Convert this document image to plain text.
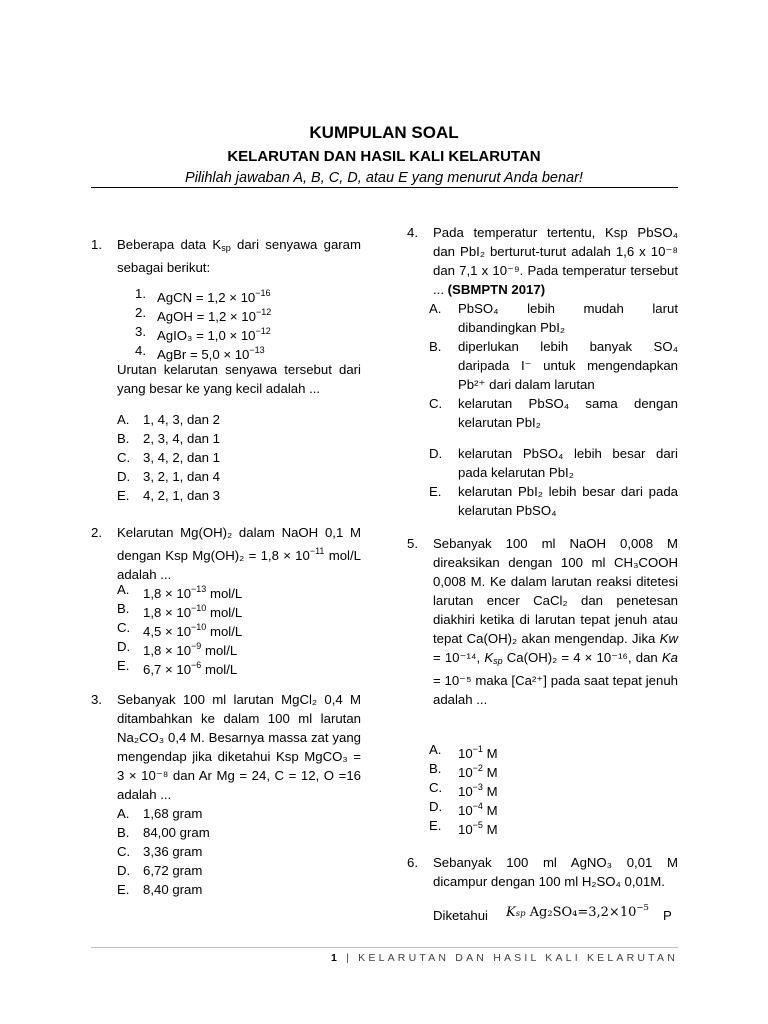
KUMPULAN SOAL
KELARUTAN DAN HASIL KALI KELARUTAN
Pilihlah jawaban A, B, C, D, atau E yang menurut Anda benar!
1. Beberapa data $K_{sp}$ dari senyawa garam sebagai berikut:
1. AgCN = $1,2 \times 10^{-16}$
2. AgOH = $1,2 \times 10^{-12}$
3. AgIO₃ = $1,0 \times 10^{-12}$
4. AgBr = $5,0 \times 10^{-13}$
Urutan kelarutan senyawa tersebut dari yang besar ke yang kecil adalah ...
A. 1, 4, 3, dan 2
B. 2, 3, 4, dan 1
C. 3, 4, 2, dan 1
D. 3, 2, 1, dan 4
E. 4, 2, 1, dan 3
2. Kelarutan Mg(OH)₂ dalam NaOH 0,1 M dengan Ksp $Mg(OH)_2 = 1,8 \times 10^{-11}$ mol/L adalah ...
A. $1,8 \times 10^{-13}$ mol/L
B. $1,8 \times 10^{-10}$ mol/L
C. $4,5 \times 10^{-10}$ mol/L
D. $1,8 \times 10^{-9}$ mol/L
E. $6,7 \times 10^{-6}$ mol/L
3. Sebanyak 100 ml larutan MgCl₂ 0,4 M ditambahkan ke dalam 100 ml larutan Na₂CO₃ 0,4 M. Besarnya massa zat yang mengendap jika diketahui Ksp MgCO₃ = 3 × 10⁻⁸ dan Ar Mg = 24, C = 12, O =16 adalah ...
A. 1,68 gram
B. 84,00 gram
C. 3,36 gram
D. 6,72 gram
E. 8,40 gram
4. Pada temperatur tertentu, Ksp PbSO₄ dan PbI₂ berturut-turut adalah 1,6 x 10⁻⁸ dan 7,1 x 10⁻⁹. Pada temperatur tersebut ... (SBMPTN 2017)
A. PbSO₄ lebih mudah larut dibandingkan PbI₂
B. diperlukan lebih banyak SO₄ daripada I⁻ untuk mengendapkan Pb²⁺ dari dalam larutan
C. kelarutan PbSO₄ sama dengan kelarutan PbI₂
D. kelarutan PbSO₄ lebih besar dari pada kelarutan PbI₂
E. kelarutan PbI₂ lebih besar dari pada kelarutan PbSO₄
5. Sebanyak 100 ml NaOH 0,008 M direaksikan dengan 100 ml CH₃COOH 0,008 M. Ke dalam larutan reaksi ditetesi larutan encer CaCl₂ dan penetesan diakhiri ketika di larutan tepat jenuh atau tepat Ca(OH)₂ akan mengendap. Jika Kw = 10⁻¹⁴, $K_{sp}$ Ca(OH)₂ = 4 × 10⁻¹⁶, dan Ka = 10⁻⁵ maka [Ca²⁺] pada saat tepat jenuh adalah ...
A. $10^{-1}$ M
B. $10^{-2}$ M
C. $10^{-3}$ M
D. $10^{-4}$ M
E. $10^{-5}$ M
6. Sebanyak 100 ml AgNO₃ 0,01 M dicampur dengan 100 ml H₂SO₄ 0,01M.
Diketahui Ksp $Ag_2SO_4=3,2\times 10^{-5}$ P
1 | KELARUTAN DAN HASIL KALI KELARUTAN
